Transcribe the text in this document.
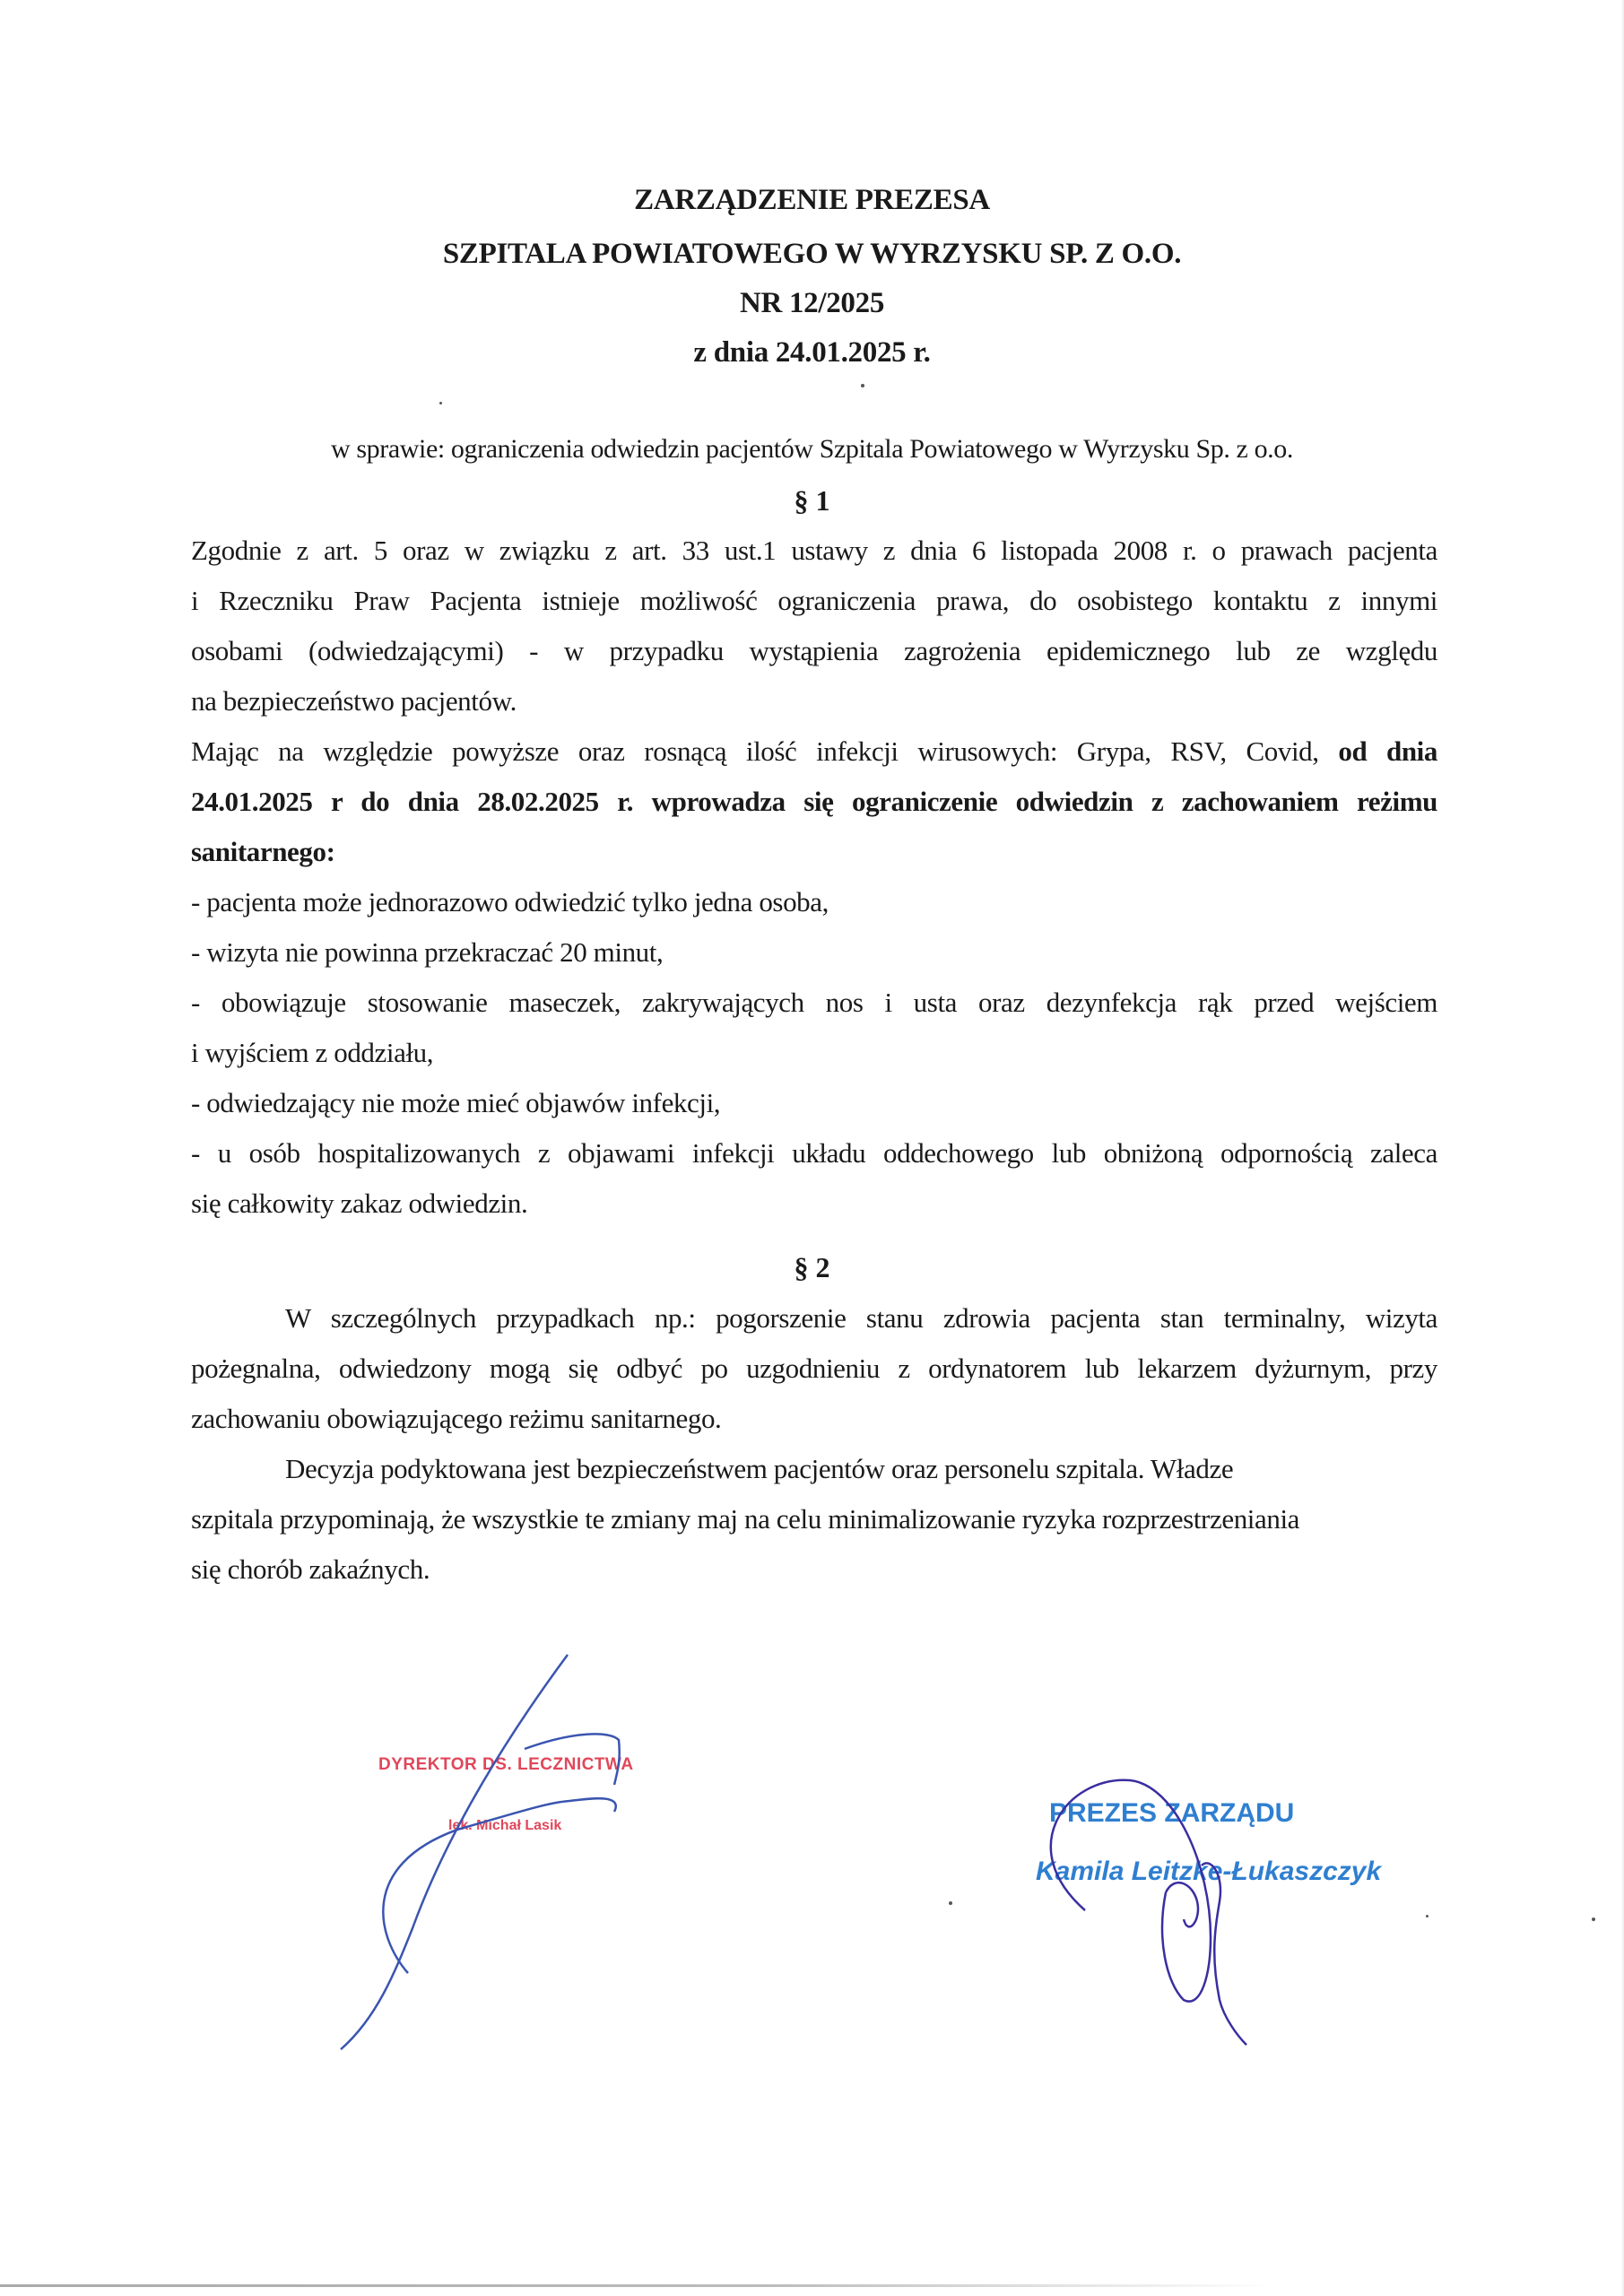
ZARZĄDZENIE PREZESA
SZPITALA POWIATOWEGO W WYRZYSKU SP. Z O.O.
NR 12/2025
z dnia 24.01.2025 r.
w sprawie: ograniczenia odwiedzin pacjentów Szpitala Powiatowego w Wyrzysku Sp. z o.o.
§ 1
Zgodnie z art. 5 oraz w związku z art. 33 ust.1 ustawy z dnia 6 listopada 2008 r. o prawach pacjenta
i Rzeczniku Praw Pacjenta istnieje możliwość ograniczenia prawa, do osobistego kontaktu z innymi
osobami (odwiedzającymi) - w przypadku wystąpienia zagrożenia epidemicznego lub ze względu
na bezpieczeństwo pacjentów.
Mając na względzie powyższe oraz rosnącą ilość infekcji wirusowych: Grypa, RSV, Covid, od dnia
24.01.2025 r do dnia 28.02.2025 r. wprowadza się ograniczenie odwiedzin z zachowaniem reżimu
sanitarnego:
- pacjenta może jednorazowo odwiedzić tylko jedna osoba,
- wizyta nie powinna przekraczać 20 minut,
- obowiązuje stosowanie maseczek, zakrywających nos i usta oraz dezynfekcja rąk przed wejściem
i wyjściem z oddziału,
- odwiedzający nie może mieć objawów infekcji,
- u osób hospitalizowanych z objawami infekcji układu oddechowego lub obniżoną odpornością zaleca
się całkowity zakaz odwiedzin.
§ 2
W szczególnych przypadkach np.: pogorszenie stanu zdrowia pacjenta stan terminalny, wizyta
pożegnalna, odwiedzony mogą się odbyć po uzgodnieniu z ordynatorem lub lekarzem dyżurnym, przy
zachowaniu obowiązującego reżimu sanitarnego.
Decyzja podyktowana jest bezpieczeństwem pacjentów oraz personelu szpitala. Władze
szpitala przypominają, że wszystkie te zmiany maj na celu minimalizowanie ryzyka rozprzestrzeniania
się chorób zakaźnych.
DYREKTOR DS. LECZNICTWA
lek. Michał Lasik	PREZES ZARZĄDU
Kamila Leitzke-Łukaszczyk
